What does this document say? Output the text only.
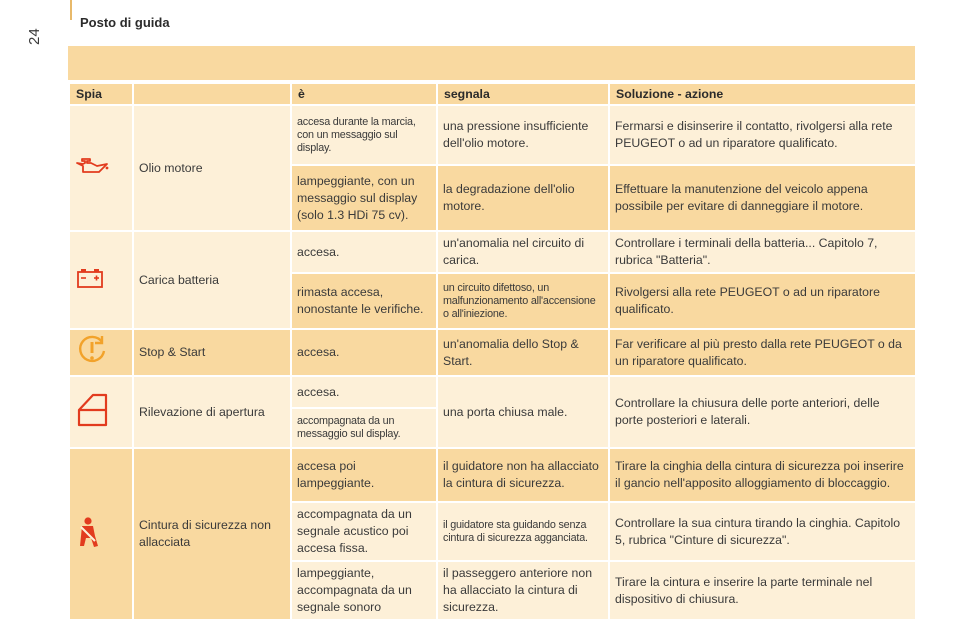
Posto di guida
24
Spia		è	segnala	Soluzione - azione

	Olio motore	accesa durante la marcia, con un messaggio sul display.	una pressione insufficiente dell'olio motore.	Fermarsi e disinserire il contatto, rivolgersi alla rete PEUGEOT o ad un riparatore qualificato.
		lampeggiante, con un messaggio sul display (solo 1.3 HDi 75 cv).	la degradazione dell'olio motore.	Effettuare la manutenzione del veicolo appena possibile per evitare di danneggiare il motore.

	Carica batteria	accesa.	un'anomalia nel circuito di carica.	Controllare i terminali della batteria... Capitolo 7, rubrica "Batteria".
		rimasta accesa, nonostante le verifiche.	un circuito difettoso, un malfunzionamento all'accensione o all'iniezione.	Rivolgersi alla rete PEUGEOT o ad un riparatore qualificato.

	Stop & Start	accesa.	un'anomalia dello Stop & Start.	Far verificare al più presto dalla rete PEUGEOT o da un riparatore qualificato.

	Rilevazione di apertura	accesa.	una porta chiusa male.	Controllare la chiusura delle porte anteriori, delle porte posteriori e laterali.
		accompagnata da un messaggio sul display.		

	Cintura di sicurezza non allacciata	accesa poi lampeggiante.	il guidatore non ha allacciato la cintura di sicurezza.	Tirare la cinghia della cintura di sicurezza poi inserire il gancio nell'apposito alloggiamento di bloccaggio.
		accompagnata da un segnale acustico poi accesa fissa.	il guidatore sta guidando senza cintura di sicurezza agganciata.	Controllare la sua cintura tirando la cinghia. Capitolo 5, rubrica "Cinture di sicurezza".
		lampeggiante, accompagnata da un segnale sonoro	il passeggero anteriore non ha allacciato la cintura di sicurezza.	Tirare la cintura e inserire la parte terminale nel dispositivo di chiusura.
